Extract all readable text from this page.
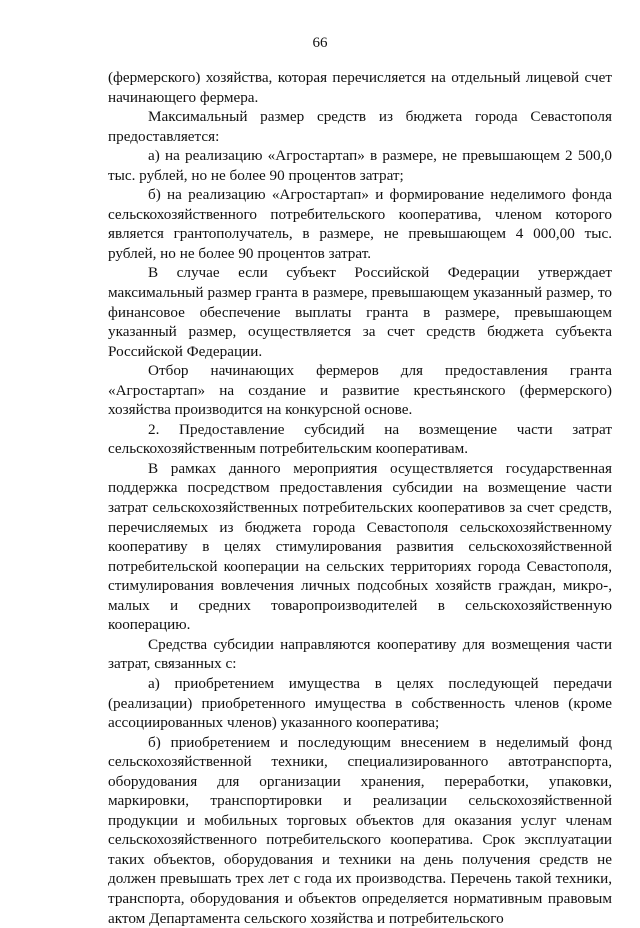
66

(фермерского) хозяйства, которая перечисляется на отдельный лицевой счет начинающего фермера.

Максимальный размер средств из бюджета города Севастополя предоставляется:

а) на реализацию «Агростартап» в размере, не превышающем 2 500,0 тыс. рублей, но не более 90 процентов затрат;

б) на реализацию «Агростартап» и формирование неделимого фонда сельскохозяйственного потребительского кооператива, членом которого является грантополучатель, в размере, не превышающем 4 000,00 тыс. рублей, но не более 90 процентов затрат.

В случае если субъект Российской Федерации утверждает максимальный размер гранта в размере, превышающем указанный размер, то финансовое обеспечение выплаты гранта в размере, превышающем указанный размер, осуществляется за счет средств бюджета субъекта Российской Федерации.

Отбор начинающих фермеров для предоставления гранта «Агростартап» на создание и развитие крестьянского (фермерского) хозяйства производится на конкурсной основе.

2. Предоставление субсидий на возмещение части затрат сельскохозяйственным потребительским кооперативам.

В рамках данного мероприятия осуществляется государственная поддержка посредством предоставления субсидии на возмещение части затрат сельскохозяйственных потребительских кооперативов за счет средств, перечисляемых из бюджета города Севастополя сельскохозяйственному кооперативу в целях стимулирования развития сельскохозяйственной потребительской кооперации на сельских территориях города Севастополя, стимулирования вовлечения личных подсобных хозяйств граждан, микро-, малых и средних товаропроизводителей в сельскохозяйственную кооперацию.

Средства субсидии направляются кооперативу для возмещения части затрат, связанных с:

а) приобретением имущества в целях последующей передачи (реализации) приобретенного имущества в собственность членов (кроме ассоциированных членов) указанного кооператива;

б) приобретением и последующим внесением в неделимый фонд сельскохозяйственной техники, специализированного автотранспорта, оборудования для организации хранения, переработки, упаковки, маркировки, транспортировки и реализации сельскохозяйственной продукции и мобильных торговых объектов для оказания услуг членам сельскохозяйственного потребительского кооператива. Срок эксплуатации таких объектов, оборудования и техники на день получения средств не должен превышать трех лет с года их производства. Перечень такой техники, транспорта, оборудования и объектов определяется нормативным правовым актом Департамента сельского хозяйства и потребительского
